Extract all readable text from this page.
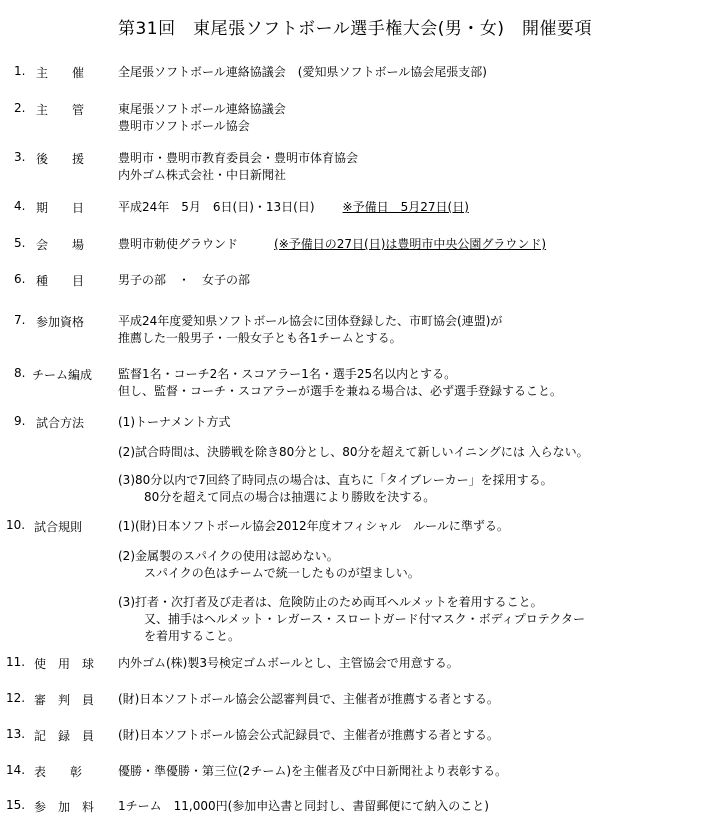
第31回　東尾張ソフトボール選手権大会(男・女)　開催要項
1. 主　　催	全尾張ソフトボール連絡協議会　(愛知県ソフトボール協会尾張支部)
2. 主　　管	東尾張ソフトボール連絡協議会
豊明市ソフトボール協会
3. 後　　援	豊明市・豊明市教育委員会・豊明市体育協会
内外ゴム株式会社・中日新聞社
4. 期　　日	平成24年　5月　6日(日)・13日(日) ※予備日　5月27日(日)
5. 会　　場	豊明市勅使グラウンド	(※予備日の27日(日)は豊明市中央公園グラウンド)
6. 種　　目	男子の部　・　女子の部
7. 参加資格	平成24年度愛知県ソフトボール協会に団体登録した、市町協会(連盟)が
推薦した一般男子・一般女子とも各1チームとする。
8. チーム編成 監督1名・コーチ2名・スコアラー1名・選手25名以内とする。
但し、監督・コーチ・スコアラーが選手を兼ねる場合は、必ず選手登録すること。
9. 試合方法	(1)トーナメント方式
(2)試合時間は、決勝戦を除き80分とし、80分を超えて新しいイニングには 入らない。
(3)80分以内で7回終了時同点の場合は、直ちに「タイブレーカー」を採用する。
80分を超えて同点の場合は抽選により勝敗を決する。
10. 試合規則	(1)(財)日本ソフトボール協会2012年度オフィシャル　ルールに準ずる。
(2)金属製のスパイクの使用は認めない。
スパイクの色はチームで統一したものが望ましい。
(3)打者・次打者及び走者は、危険防止のため両耳ヘルメットを着用すること。
又、捕手はヘルメット・レガース・スロートガード付マスク・ボディプロテクター
を着用すること。
11. 使　用　球 内外ゴム(株)製3号検定ゴムボールとし、主管協会で用意する。
12. 審　判　員 (財)日本ソフトボール協会公認審判員で、主催者が推薦する者とする。
13. 記　録　員 (財)日本ソフトボール協会公式記録員で、主催者が推薦する者とする。
14. 表　　彰	優勝・準優勝・第三位(2チーム)を主催者及び中日新聞社より表彰する。
15. 参　加　料 1チーム　11,000円(参加申込書と同封し、書留郵便にて納入のこと)
